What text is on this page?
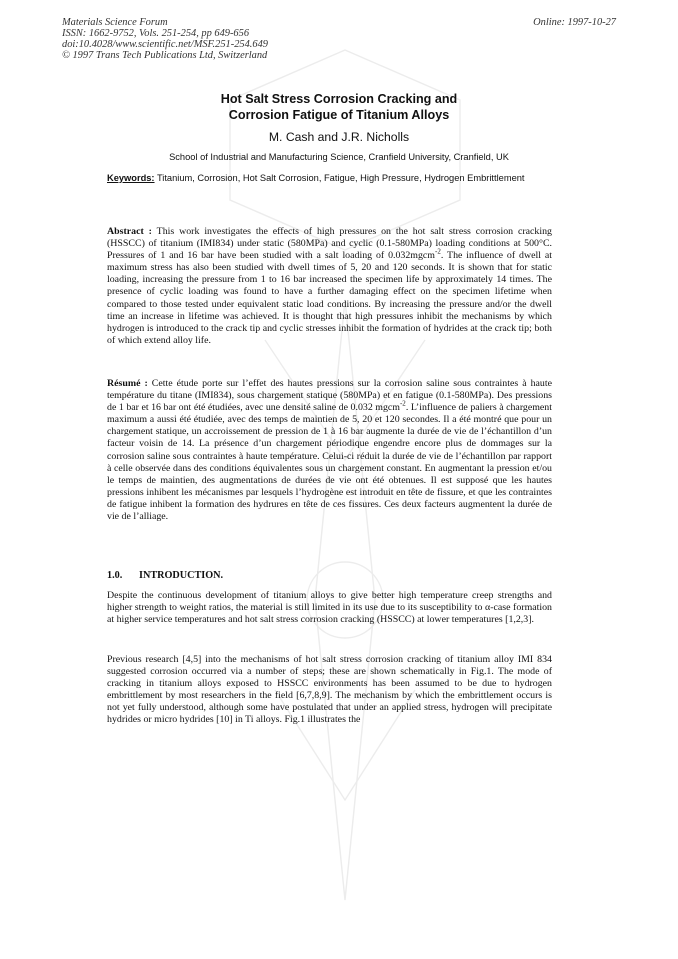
Materials Science Forum
ISSN: 1662-9752, Vols. 251-254, pp 649-656
doi:10.4028/www.scientific.net/MSF.251-254.649
© 1997 Trans Tech Publications Ltd, Switzerland
Online: 1997-10-27
Hot Salt Stress Corrosion Cracking and
Corrosion Fatigue of Titanium Alloys
M. Cash and J.R. Nicholls
School of Industrial and Manufacturing Science, Cranfield University, Cranfield, UK
Keywords: Titanium, Corrosion, Hot Salt Corrosion, Fatigue, High Pressure, Hydrogen Embrittlement
Abstract : This work investigates the effects of high pressures on the hot salt stress corrosion cracking (HSSCC) of titanium (IMI834) under static (580MPa) and cyclic (0.1-580MPa) loading conditions at 500°C. Pressures of 1 and 16 bar have been studied with a salt loading of 0.032mgcm$^{-2}$. The influence of dwell at maximum stress has also been studied with dwell times of 5, 20 and 120 seconds. It is shown that for static loading, increasing the pressure from 1 to 16 bar increased the specimen life by approximately 14 times. The presence of cyclic loading was found to have a further damaging effect on the specimen lifetime when compared to those tested under equivalent static load conditions. By increasing the pressure and/or the dwell time an increase in lifetime was achieved. It is thought that high pressures inhibit the mechanisms by which hydrogen is introduced to the crack tip and cyclic stresses inhibit the formation of hydrides at the crack tip; both of which extend alloy life.
Résumé : Cette étude porte sur l’effet des hautes pressions sur la corrosion saline sous contraintes à haute température du titane (IMI834), sous chargement statique (580MPa) et en fatigue (0.1-580MPa). Des pressions de 1 bar et 16 bar ont été étudiées, avec une densité saline de 0.032 mgcm$^{-2}$. L’influence de paliers à chargement maximum a aussi été étudiée, avec des temps de maintien de 5, 20 et 120 secondes. Il a été montré que pour un chargement statique, un accroissement de pression de 1 à 16 bar augmente la durée de vie de l’échantillon d’un facteur voisin de 14. La présence d’un chargement périodique engendre encore plus de dommages sur la corrosion saline sous contraintes à haute température. Celui-ci réduit la durée de vie de l’échantillon par rapport à celle observée dans des conditions équivalentes sous un chargement constant. En augmentant la pression et/ou le temps de maintien, des augmentations de durées de vie ont été obtenues. Il est supposé que les hautes pressions inhibent les mécanismes par lesquels l’hydrogène est introduit en tête de fissure, et que les contraintes de fatigue inhibent la formation des hydrures en tête de ces fissures. Ces deux facteurs augmentent la durée de vie de l’alliage.
1.0. INTRODUCTION.
Despite the continuous development of titanium alloys to give better high temperature creep strengths and higher strength to weight ratios, the material is still limited in its use due to its susceptibility to α-case formation at higher service temperatures and hot salt stress corrosion cracking (HSSCC) at lower temperatures [1,2,3].
Previous research [4,5] into the mechanisms of hot salt stress corrosion cracking of titanium alloy IMI 834 suggested corrosion occurred via a number of steps; these are shown schematically in Fig.1. The mode of cracking in titanium alloys exposed to HSSCC environments has been assumed to be due to hydrogen embrittlement by most researchers in the field [6,7,8,9]. The mechanism by which the embrittlement occurs is not yet fully understood, although some have postulated that under an applied stress, hydrogen will precipitate hydrides or micro hydrides [10] in Ti alloys. Fig.1 illustrates the
